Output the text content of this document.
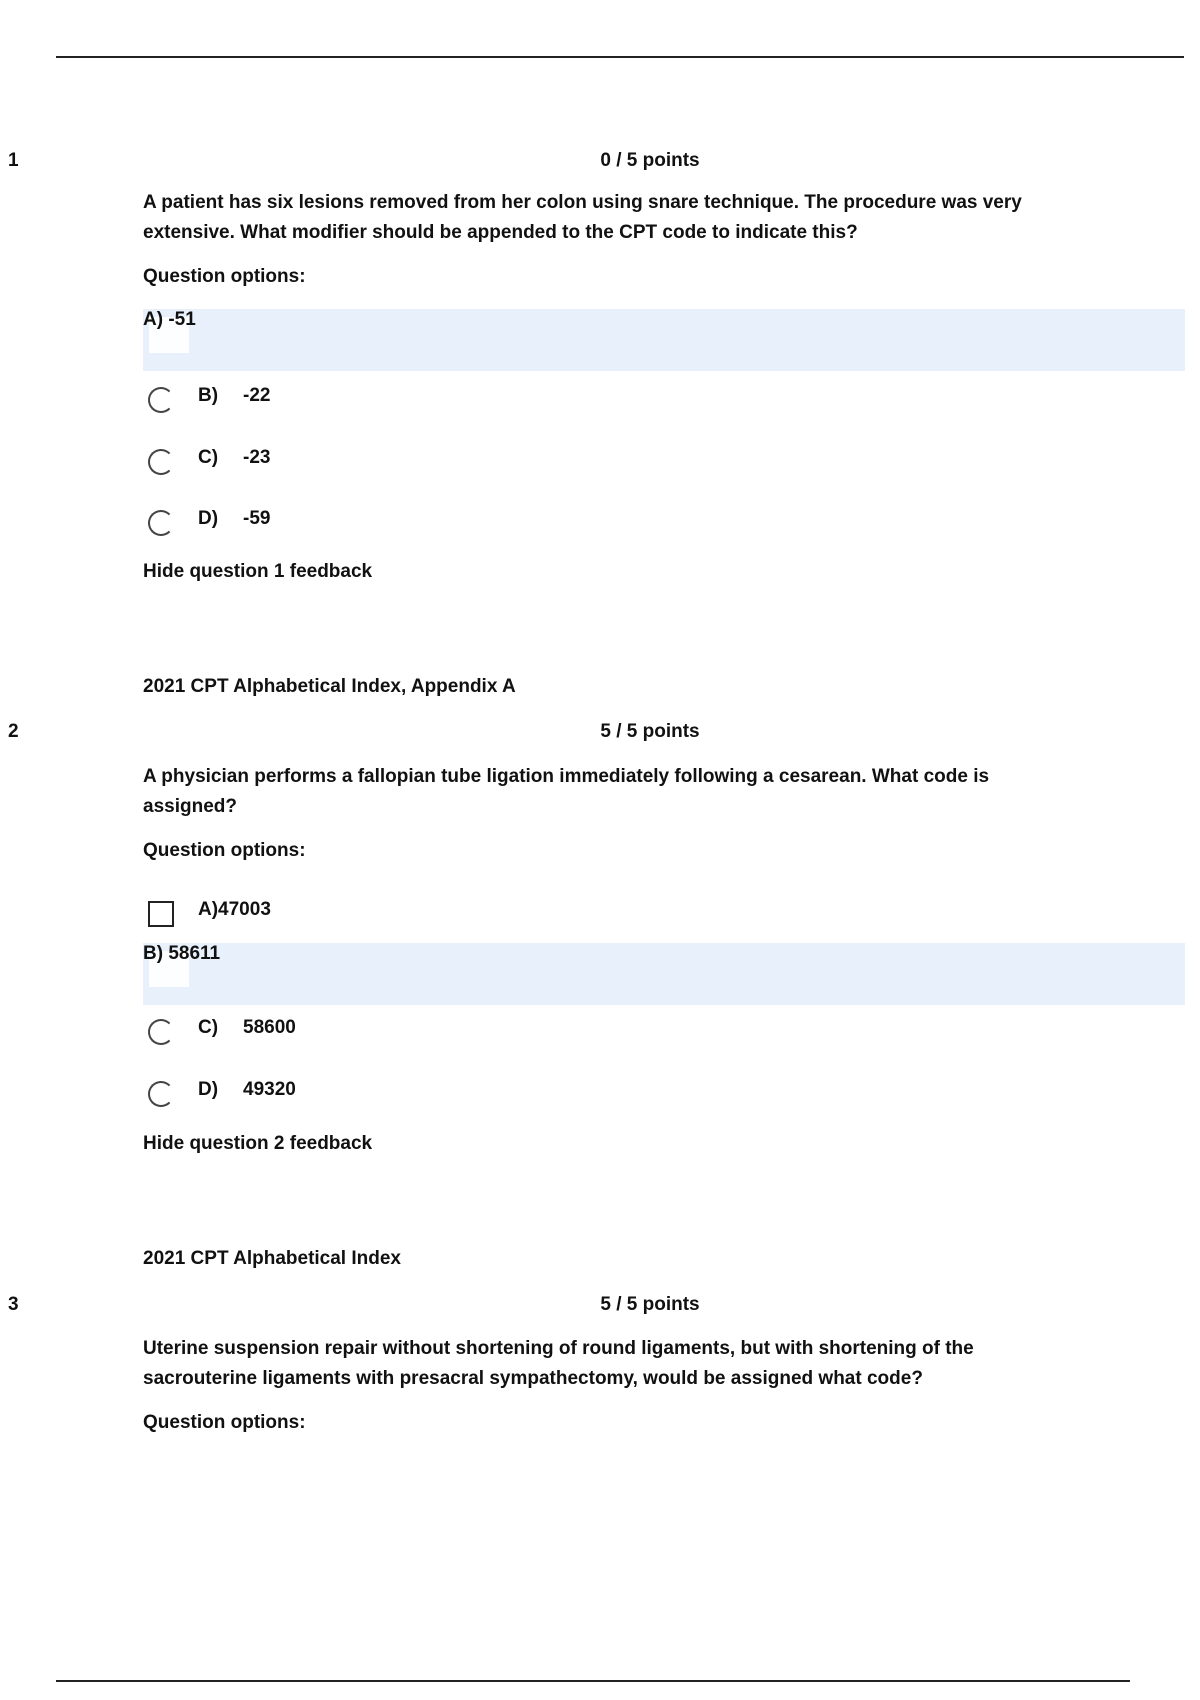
1	0 / 5 points
A patient has six lesions removed from her colon using snare technique. The procedure was very extensive. What modifier should be appended to the CPT code to indicate this?
Question options:
A) -51
B) -22
C) -23
D) -59
Hide question 1 feedback
2021 CPT Alphabetical Index, Appendix A
2	5 / 5 points
A physician performs a fallopian tube ligation immediately following a cesarean. What code is assigned?
Question options:
A)47003
B) 58611
C) 58600
D) 49320
Hide question 2 feedback
2021 CPT Alphabetical Index
3	5 / 5 points
Uterine suspension repair without shortening of round ligaments, but with shortening of the sacrouterine ligaments with presacral sympathectomy, would be assigned what code?
Question options:
